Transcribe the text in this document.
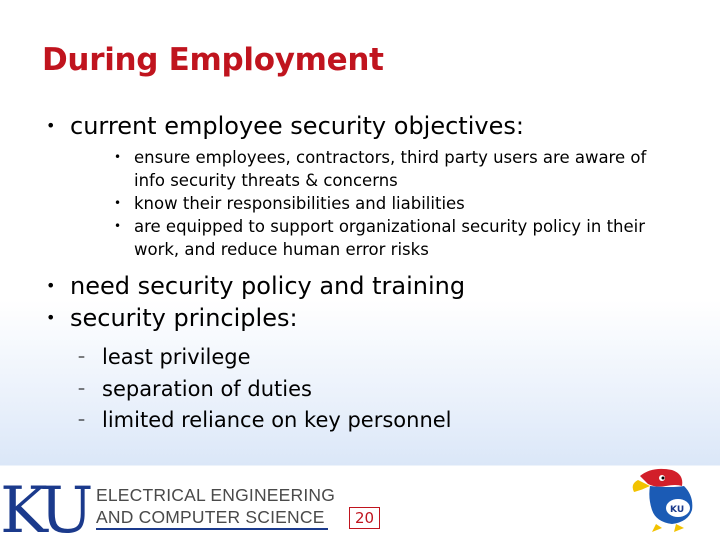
During Employment
• current employee security objectives:
• ensure employees, contractors, third party users are aware of info security threats & concerns
• know their responsibilities and liabilities
• are equipped to support organizational security policy in their work, and reduce human error risks
• need security policy and training
• security principles:
– least privilege
– separation of duties
– limited reliance on key personnel
KU ELECTRICAL ENGINEERING
AND COMPUTER SCIENCE	20	KU
